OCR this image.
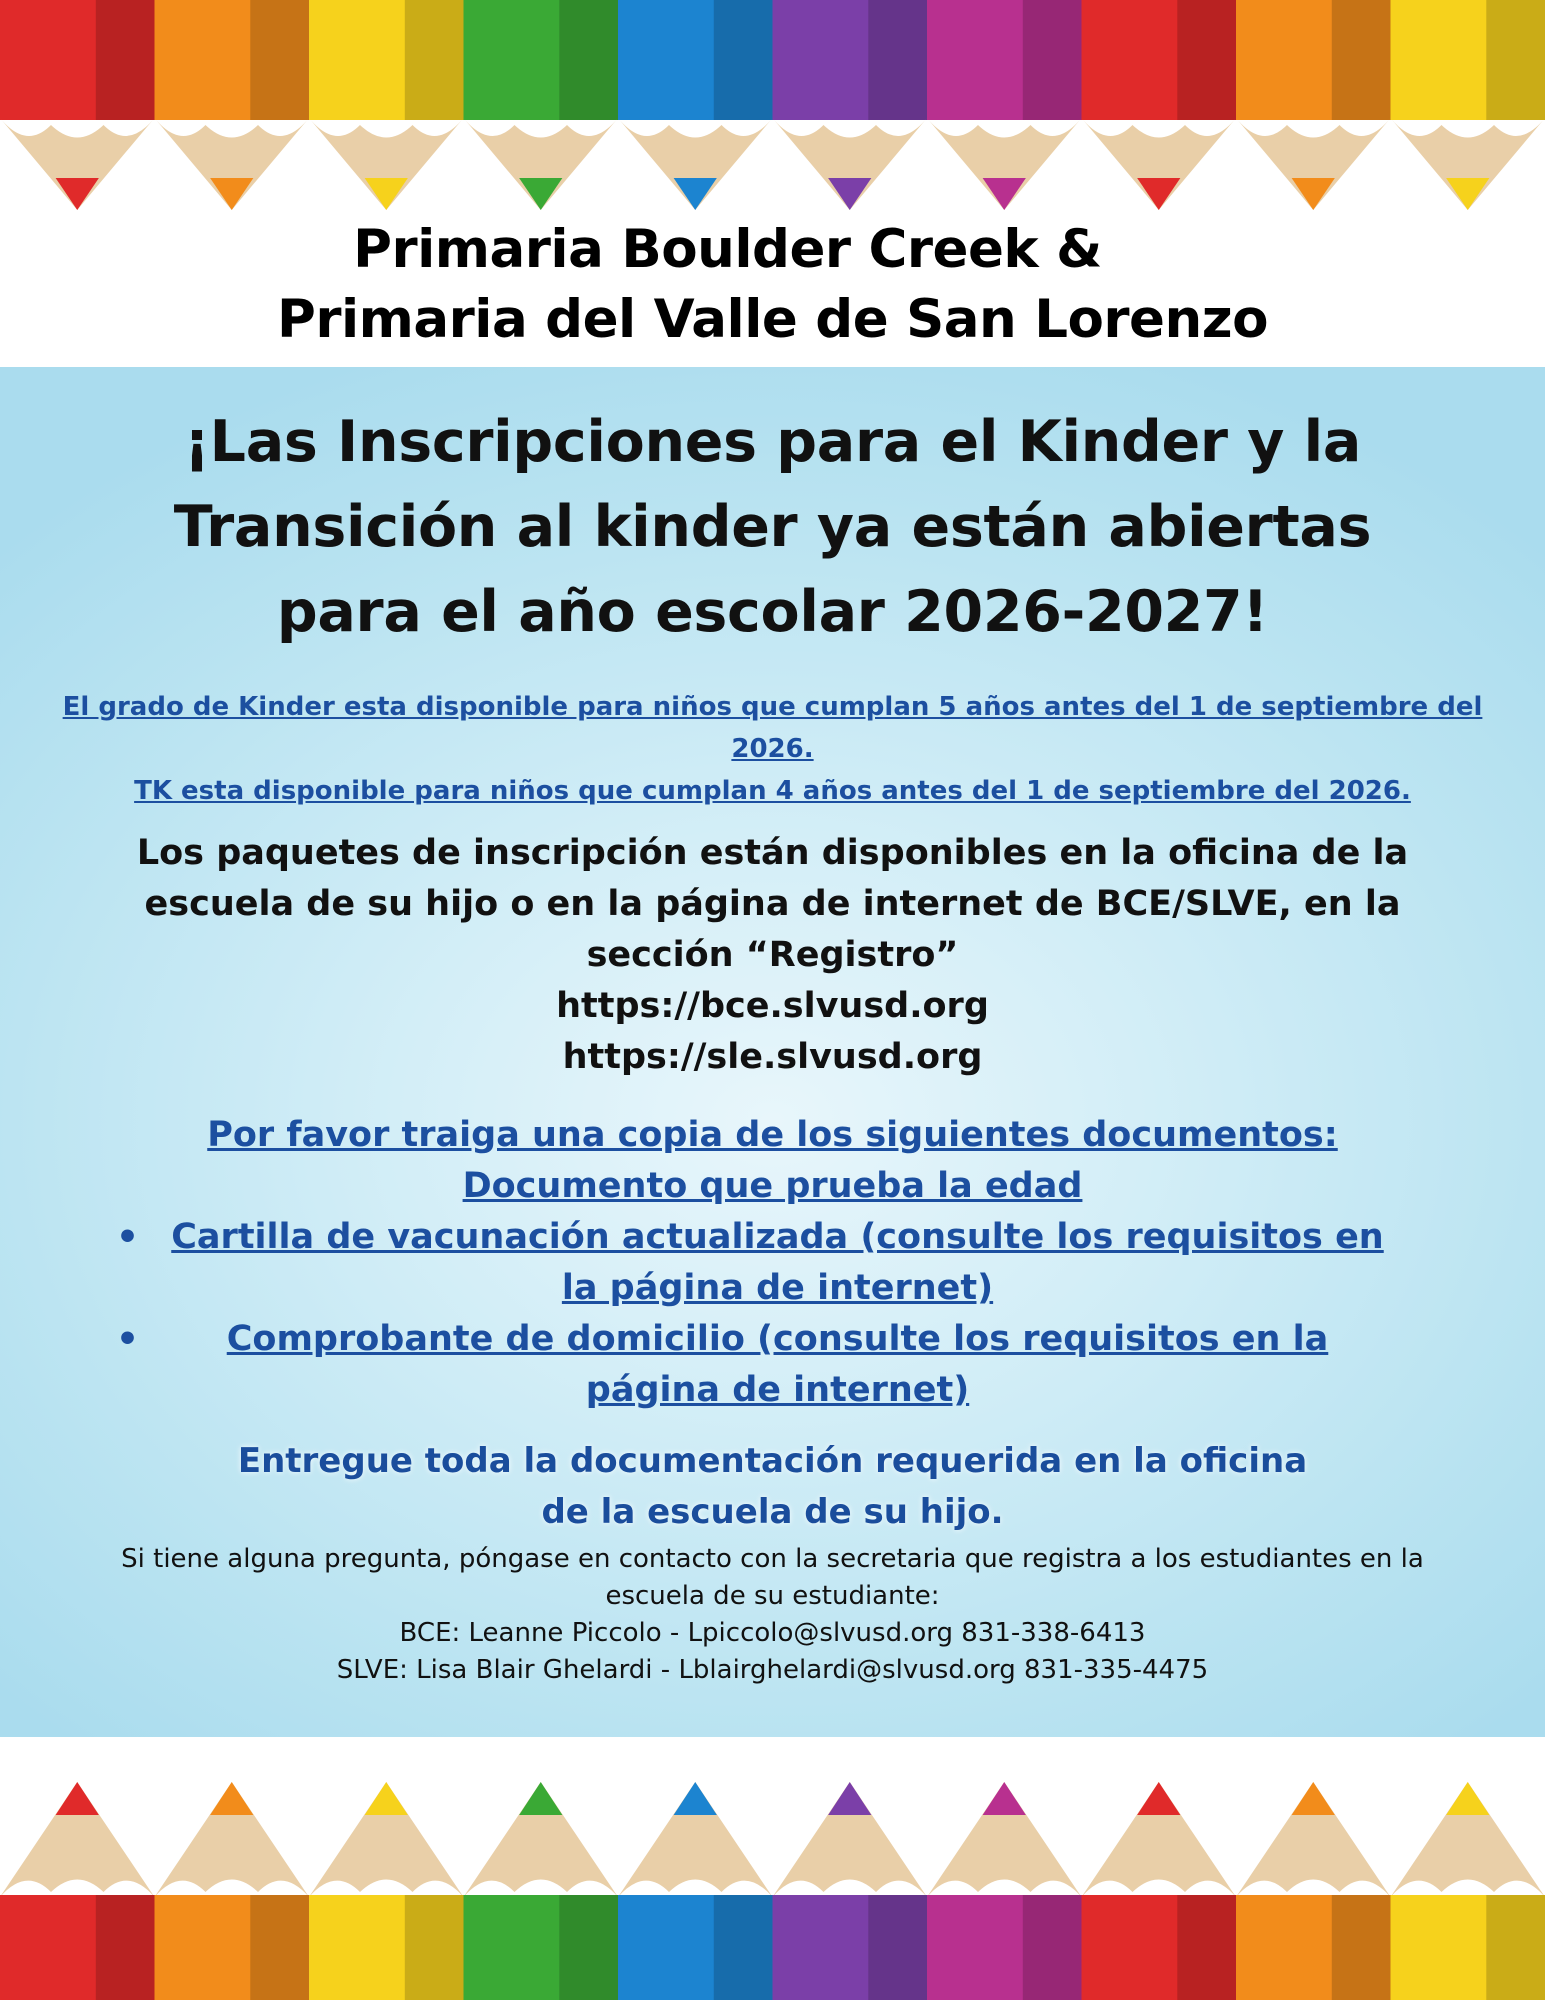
Primaria Boulder Creek &
Primaria del Valle de San Lorenzo
¡Las Inscripciones para el Kinder y la
Transición al kinder ya están abiertas
para el año escolar 2026-2027!
El grado de Kinder esta disponible para niños que cumplan 5 años antes del 1 de septiembre del 2026.
TK esta disponible para niños que cumplan 4 años antes del 1 de septiembre del 2026.
Los paquetes de inscripción están disponibles en la oficina de la
escuela de su hijo o en la página de internet de BCE/SLVE, en la
sección “Registro”
https://bce.slvusd.org
https://sle.slvusd.org
Por favor traiga una copia de los siguientes documentos:
Documento que prueba la edad
• Cartilla de vacunación actualizada (consulte los requisitos en la página de internet)
•	Comprobante de domicilio (consulte los requisitos en la página de internet)
Entregue toda la documentación requerida en la oficina
de la escuela de su hijo.
Si tiene alguna pregunta, póngase en contacto con la secretaria que registra a los estudiantes en la
escuela de su estudiante:
BCE: Leanne Piccolo - Lpiccolo@slvusd.org 831-338-6413
SLVE: Lisa Blair Ghelardi - Lblairghelardi@slvusd.org 831-335-4475
